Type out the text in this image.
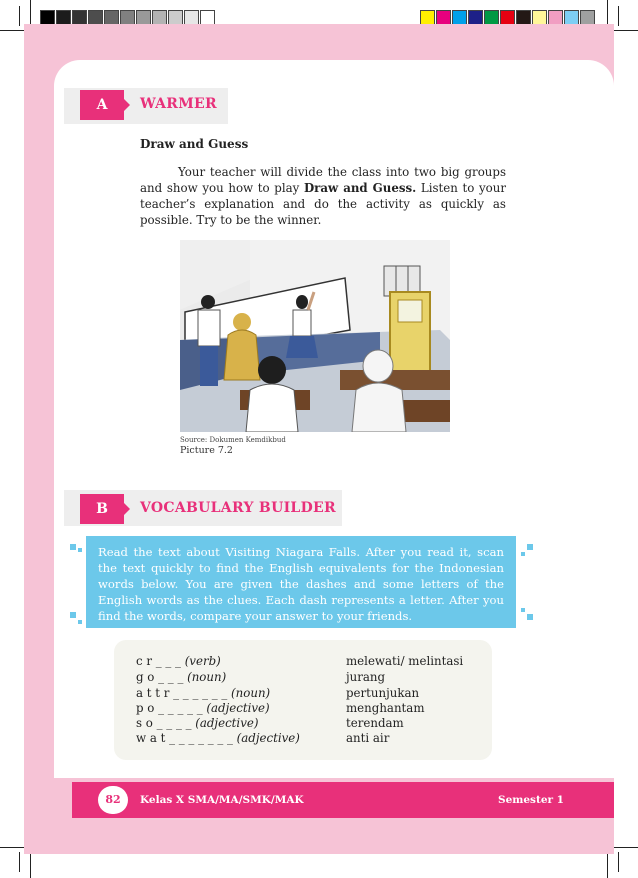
A	WARMER
Draw and Guess

Your teacher will divide the class into two big groups and show you how to play Draw and Guess. Listen to your teacher’s explanation and do the activity as quickly as possible. Try to be the winner.

Source: Dokumen Kemdikbud
Picture 7.2
B	VOCABULARY BUILDER

Read the text about Visiting Niagara Falls. After you read it, scan the text quickly to find the English equivalents for the Indonesian words below. You are given the dashes and some letters of the English words as the clues. Each dash represents a letter. After you find the words, compare your answer to your friends.

c r _ _ _ (verb)	melewati/ melintasi
g o _ _ _ (noun)	jurang
a t t r _ _ _ _ _ _ (noun)	pertunjukan
p o _ _ _ _ _ (adjective)	menghantam
s o _ _ _ _ (adjective)	terendam
w a t _ _ _ _ _ _ _ (adjective)	anti air
82	Kelas X SMA/MA/SMK/MAK	Semester 1
